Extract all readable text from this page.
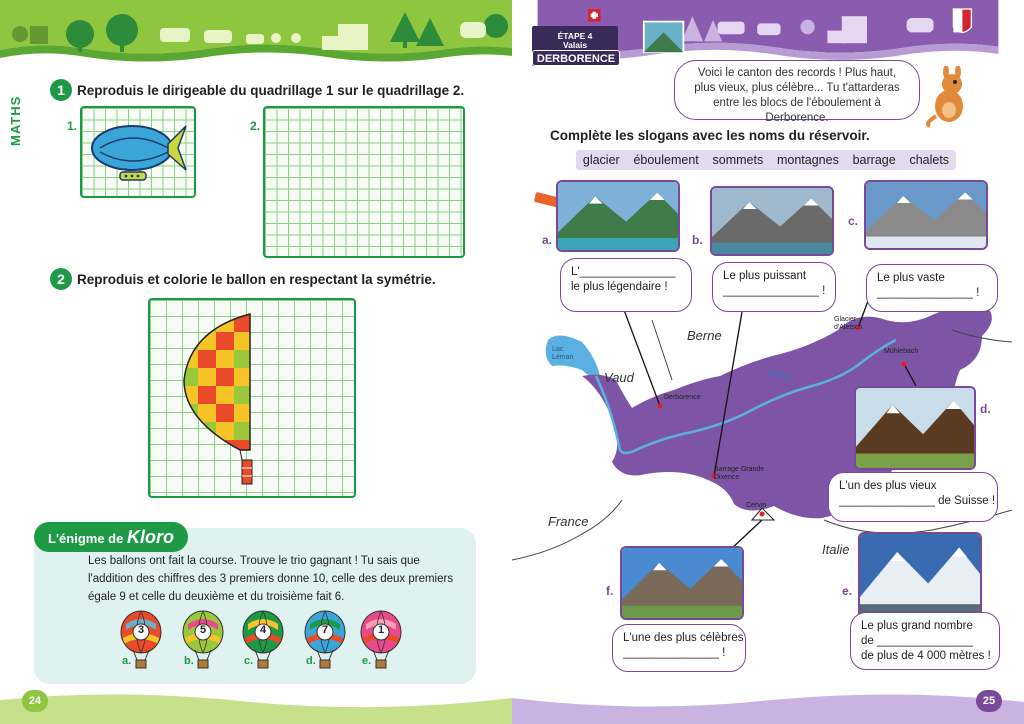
MATHS
1 Reproduis le dirigeable du quadrillage 1 sur le quadrillage 2.
1.	2.
2 Reproduis et colorie le ballon en respectant la symétrie.
L'énigme de Kloro
Les ballons ont fait la course. Trouve le trio gagnant ! Tu sais que l'addition des chiffres des 3 premiers donne 10, celle des deux premiers égale 9 et celle du deuxième et du troisième fait 6.
3
a.
5
b.
4
c.
7
d.
1
e.
24
ÉTAPE 4
Valais
DERBORENCE
Voici le canton des records ! Plus haut, plus vieux, plus célèbre... Tu t'attarderas entre les blocs de l'éboulement à Derborence.
Complète les slogans avec les noms du réservoir.
glacier éboulement sommets montagnes barrage chalets
Berne
Vaud
France
Italie
Lac Léman
Rhône
Derborence
Glacier d'Aletsch
Mühlebach
Barrage Grande Dixence
Cervin
a.
L'_______________
le plus légendaire !
b.
Le plus puissant
_______________ !
c.
Le plus vaste
_______________ !
d.
L'un des plus vieux
_______________ de Suisse !
e.
Le plus grand nombre
de _______________
de plus de 4 000 mètres !
f.
L'une des plus célèbres
_______________ !
25
